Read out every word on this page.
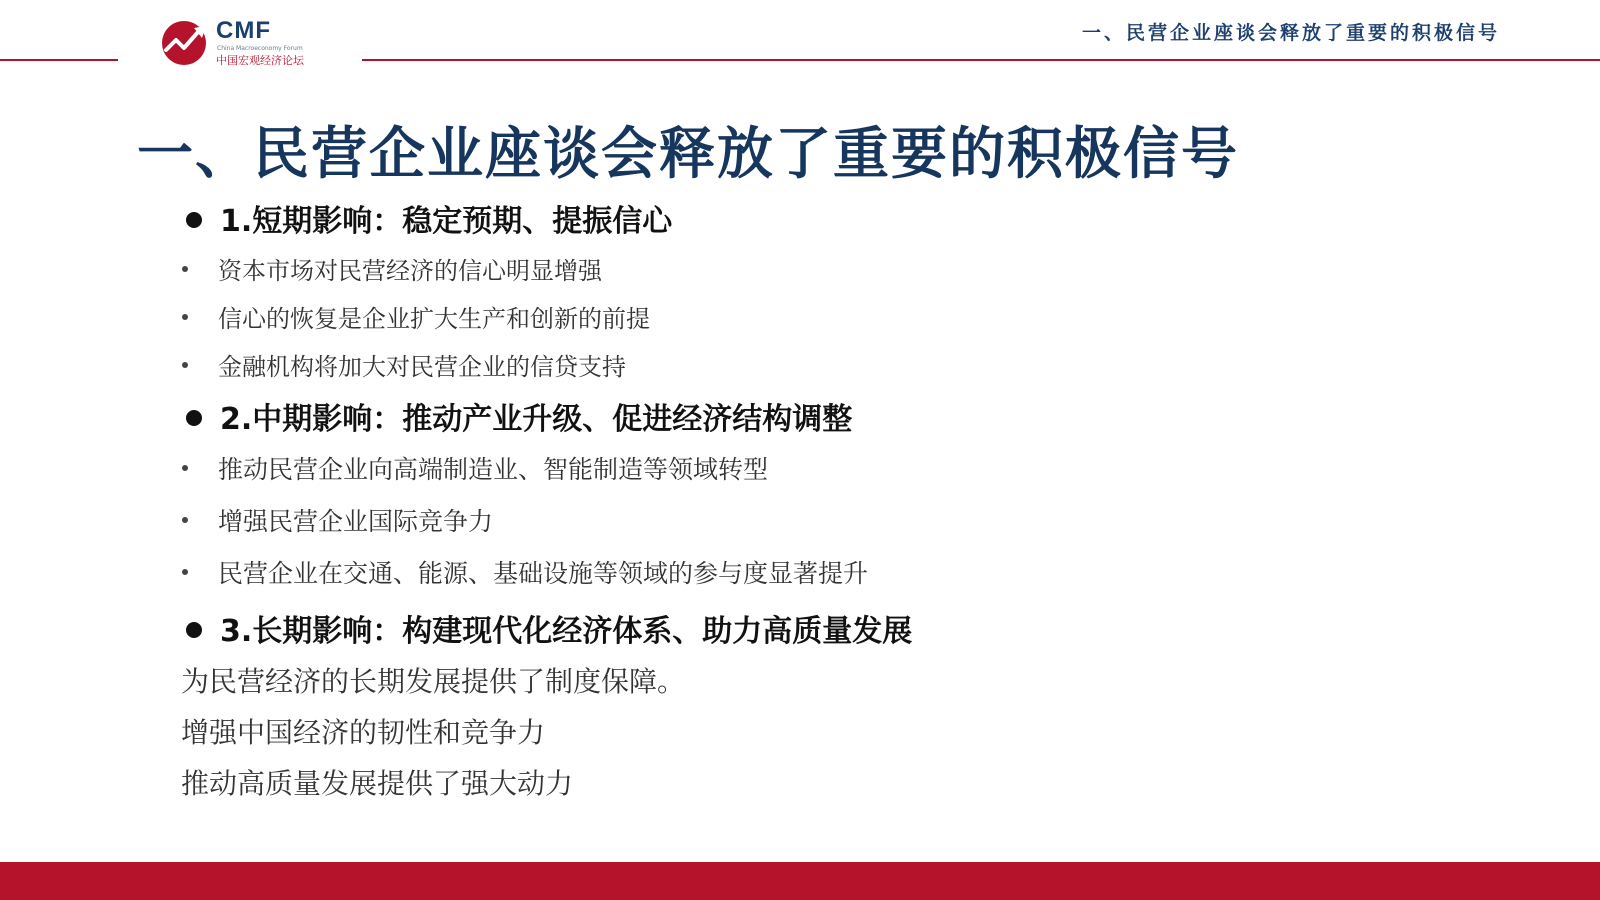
CMF
China Macroeconomy Forum
中国宏观经济论坛
一、民营企业座谈会释放了重要的积极信号
一、民营企业座谈会释放了重要的积极信号
1.短期影响：稳定预期、提振信心
资本市场对民营经济的信心明显增强
信心的恢复是企业扩大生产和创新的前提
金融机构将加大对民营企业的信贷支持
2.中期影响：推动产业升级、促进经济结构调整
推动民营企业向高端制造业、智能制造等领域转型
增强民营企业国际竞争力
民营企业在交通、能源、基础设施等领域的参与度显著提升
3.长期影响：构建现代化经济体系、助力高质量发展
为民营经济的长期发展提供了制度保障。
增强中国经济的韧性和竞争力
推动高质量发展提供了强大动力
